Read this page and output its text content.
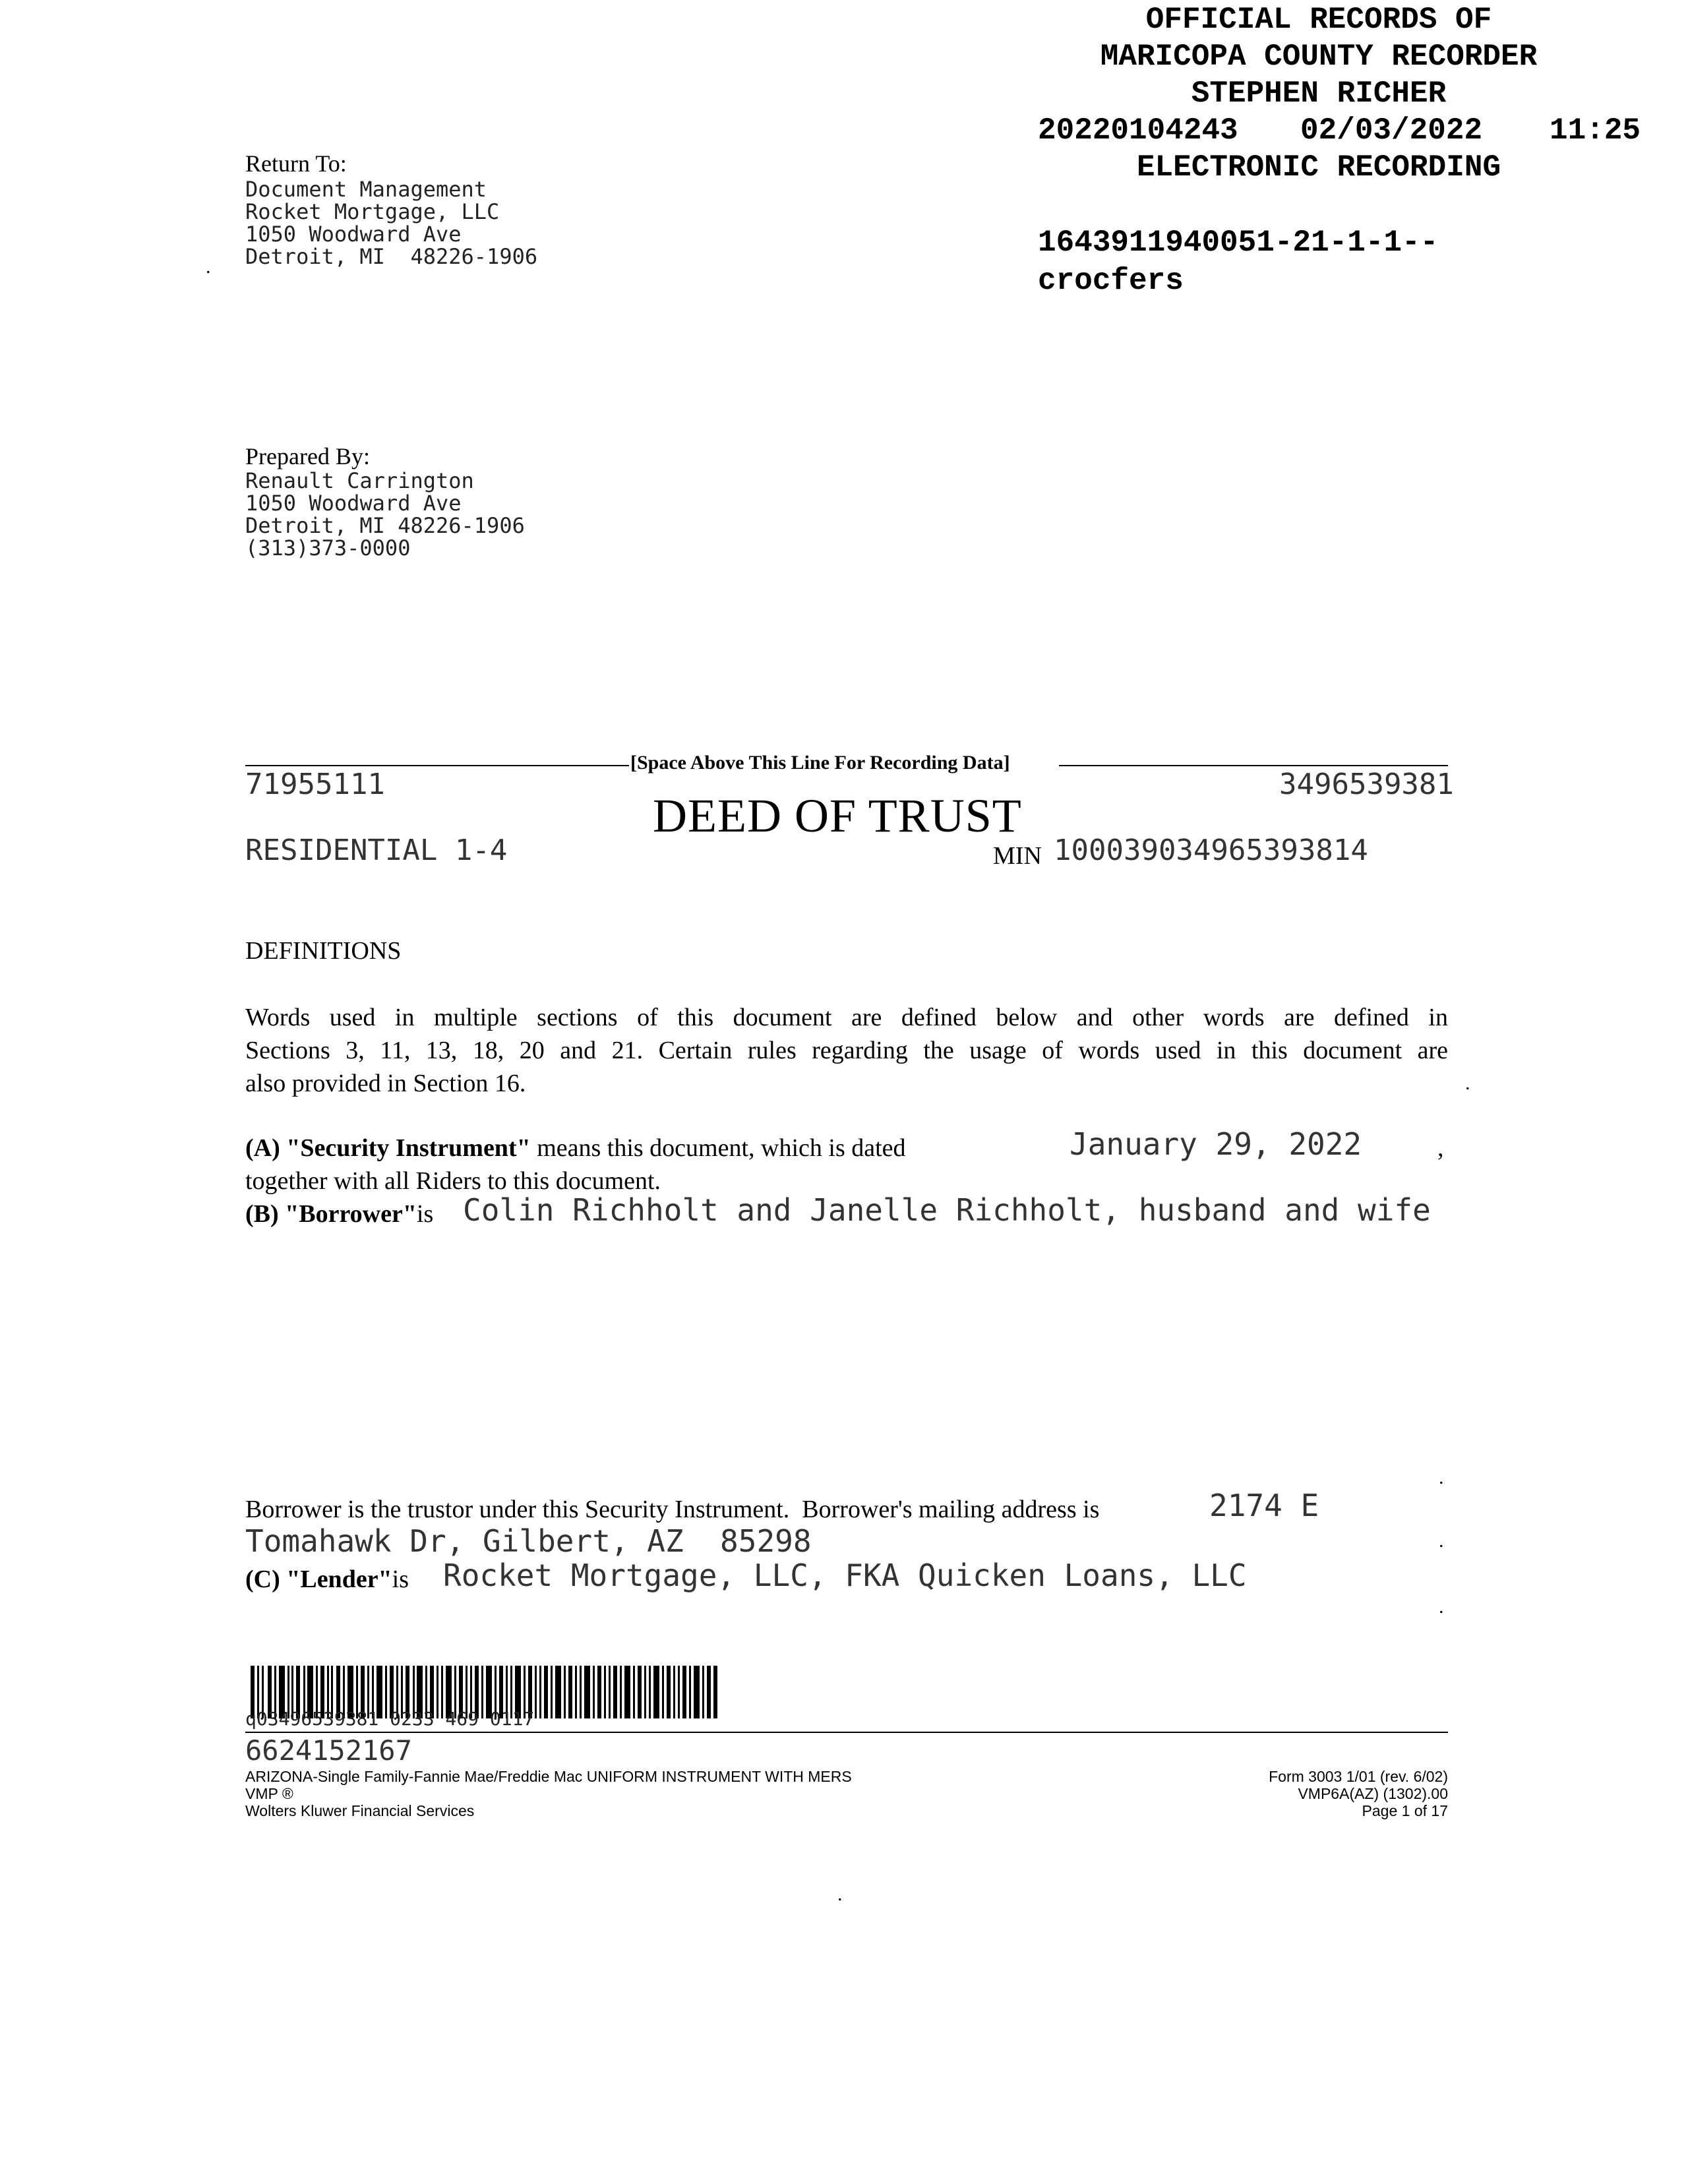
OFFICIAL RECORDS OF
MARICOPA COUNTY RECORDER
STEPHEN RICHER
20220104243 02/03/2022 11:25
ELECTRONIC RECORDING
1643911940051-21-1-1--
crocfers
Return To:
Document Management
Rocket Mortgage, LLC
1050 Woodward Ave
Detroit, MI  48226-1906
.
Prepared By:
Renault Carrington
1050 Woodward Ave
Detroit, MI 48226-1906
(313)373-0000
[Space Above This Line For Recording Data]
71955111	3496539381
DEED OF TRUST
RESIDENTIAL 1-4	MIN 100039034965393814
DEFINITIONS
Words used in multiple sections of this document are defined below and other words are defined in
Sections 3, 11, 13, 18, 20 and 21. Certain rules regarding the usage of words used in this document are
also provided in Section 16.	.
(A) "Security Instrument" means this document, which is dated	January 29, 2022	,
together with all Riders to this document.
(B) "Borrower"is Colin Richholt and Janelle Richholt, husband and wife
.
Borrower is the trustor under this Security Instrument.  Borrower's mailing address is	2174 E
Tomahawk Dr, Gilbert, AZ  85298	.
(C) "Lender"is Rocket Mortgage, LLC, FKA Quicken Loans, LLC
.

q03496539381 0233 469 0117
6624152167
ARIZONA-Single Family-Fannie Mae/Freddie Mac UNIFORM INSTRUMENT WITH MERS
VMP ®
Wolters Kluwer Financial Services
Form 3003 1/01 (rev. 6/02)
VMP6A(AZ) (1302).00
Page 1 of 17
.
